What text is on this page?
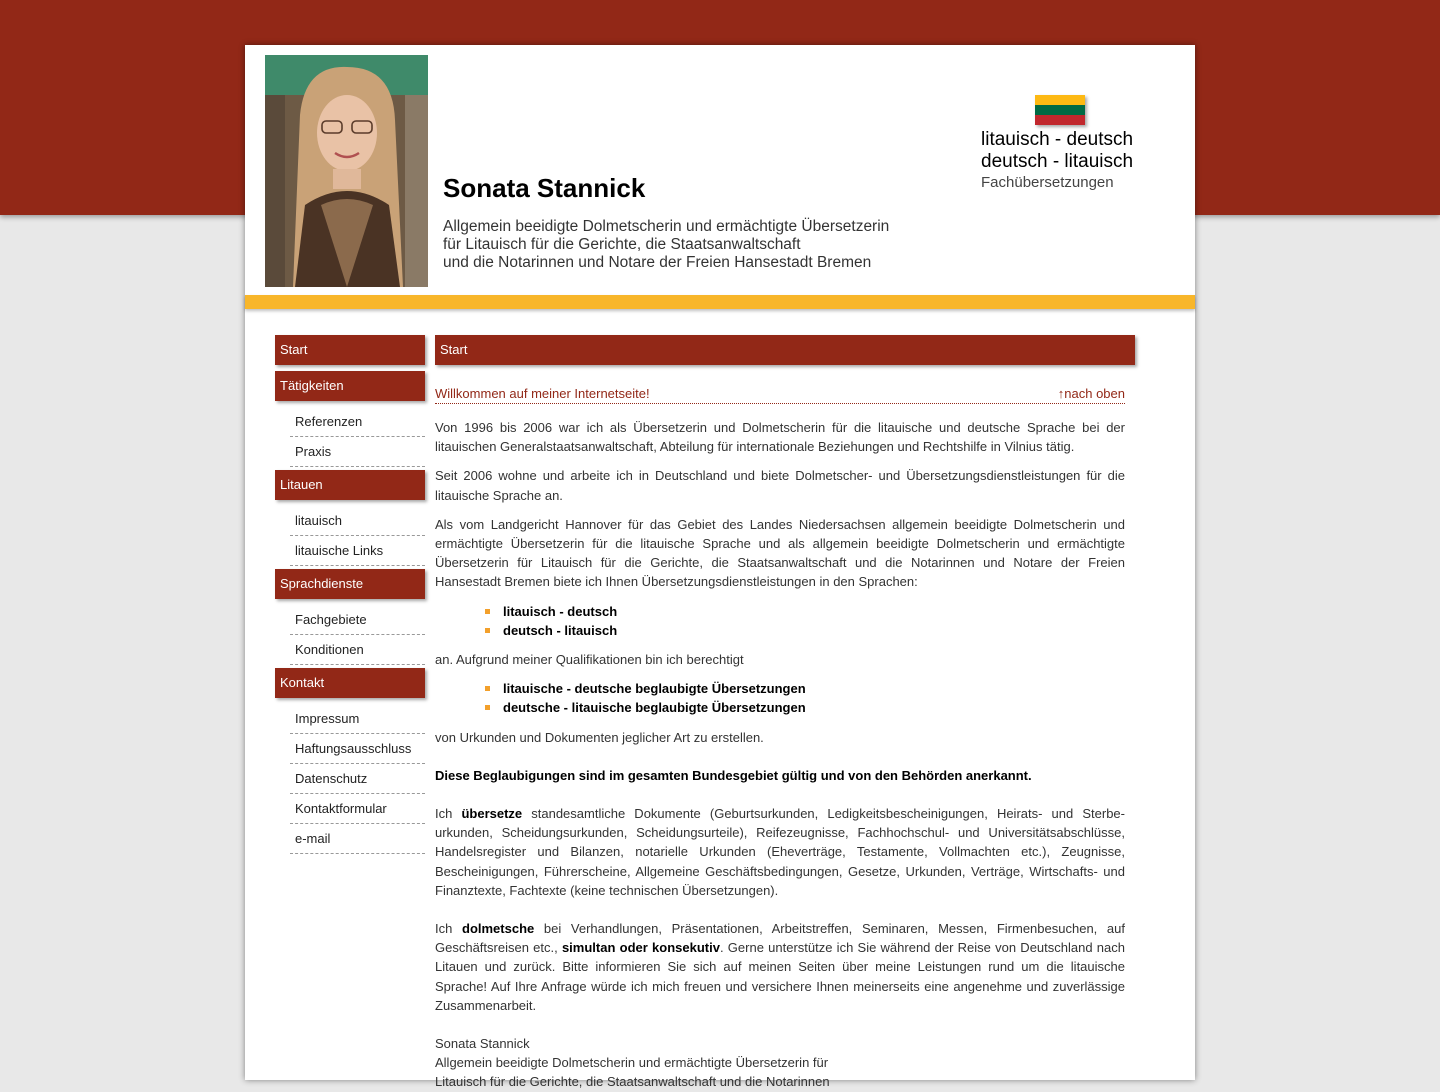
Sonata Stannick
Allgemein beeidigte Dolmetscherin und ermächtigte Übersetzerin
für Litauisch für die Gerichte, die Staatsanwaltschaft
und die Notarinnen und Notare der Freien Hansestadt Bremen
litauisch - deutsch
deutsch - litauisch
Fachübersetzungen
Start
Tätigkeiten
Referenzen
Praxis
Litauen
litauisch
litauische Links
Sprachdienste
Fachgebiete
Konditionen
Kontakt
Impressum
Haftungsausschluss
Datenschutz
Kontaktformular
e-mail
Start
Willkommen auf meiner Internetseite!	↑nach oben

Von 1996 bis 2006 war ich als Übersetzerin und Dolmetscherin für die litauische und deutsche Sprache bei der litauischen Generalstaatsanwaltschaft, Abteilung für internationale Beziehungen und Rechtshilfe in Vilnius tätig.

Seit 2006 wohne und arbeite ich in Deutschland und biete Dolmetscher- und Übersetzungsdienstleistungen für die litauische Sprache an.

Als vom Landgericht Hannover für das Gebiet des Landes Niedersachsen allgemein beeidigte Dolmetscherin und ermächtigte Übersetzerin für die litauische Sprache und als allgemein beeidigte Dolmetscherin und ermächtigte Übersetzerin für Litauisch für die Gerichte, die Staatsanwaltschaft und die Notarinnen und Notare der Freien Hansestadt Bremen biete ich Ihnen Übersetzungsdienstleistungen in den Sprachen:

litauisch - deutsch
deutsch - litauisch

an. Aufgrund meiner Qualifikationen bin ich berechtigt

litauische - deutsche beglaubigte Übersetzungen
deutsche - litauische beglaubigte Übersetzungen

von Urkunden und Dokumenten jeglicher Art zu erstellen.

Diese Beglaubigungen sind im gesamten Bundesgebiet gültig und von den Behörden anerkannt.

Ich übersetze standesamtliche Dokumente (Geburtsurkunden, Ledigkeitsbescheinigungen, Heirats- und Sterbe-urkunden, Scheidungsurkunden, Scheidungsurteile), Reifezeugnisse, Fachhochschul- und Universitätsabschlüsse, Handelsregister und Bilanzen, notarielle Urkunden (Eheverträge, Testamente, Vollmachten etc.), Zeugnisse, Bescheinigungen, Führerscheine, Allgemeine Geschäftsbedingungen, Gesetze, Urkunden, Verträge, Wirtschafts- und Finanztexte, Fachtexte (keine technischen Übersetzungen).

Ich dolmetsche bei Verhandlungen, Präsentationen, Arbeitstreffen, Seminaren, Messen, Firmenbesuchen, auf Geschäftsreisen etc., simultan oder konsekutiv. Gerne unterstütze ich Sie während der Reise von Deutschland nach Litauen und zurück. Bitte informieren Sie sich auf meinen Seiten über meine Leistungen rund um die litauische Sprache! Auf Ihre Anfrage würde ich mich freuen und versichere Ihnen meinerseits eine angenehme und zuverlässige Zusammenarbeit.

Sonata Stannick
Allgemein beeidigte Dolmetscherin und ermächtigte Übersetzerin für
Litauisch für die Gerichte, die Staatsanwaltschaft und die Notarinnen
